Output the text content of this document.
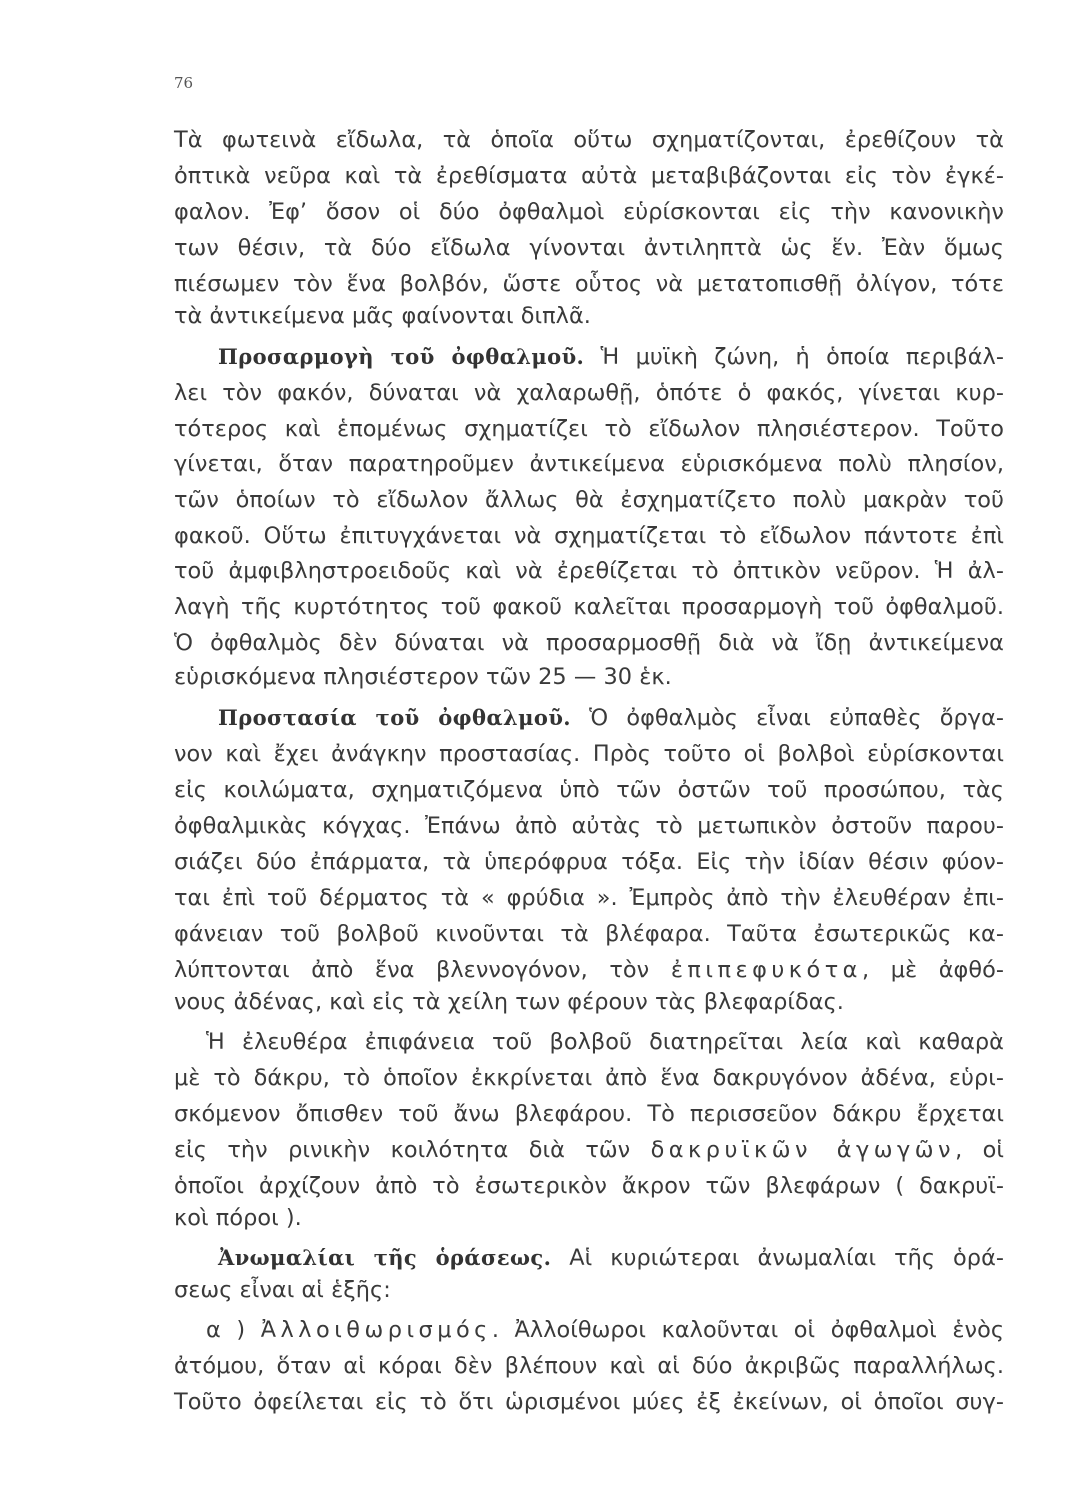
76
Τὰ φωτεινὰ εἴδωλα, τὰ ὁποῖα οὕτω σχηματίζονται, ἐρεθίζουν τὰ
ὀπτικὰ νεῦρα καὶ τὰ ἐρεθίσματα αὐτὰ μεταβιβάζονται εἰς τὸν ἐγκέ-
φαλον. Ἐφ’ ὅσον οἱ δύο ὀφθαλμοὶ εὑρίσκονται εἰς τὴν κανονικὴν
των θέσιν, τὰ δύο εἴδωλα γίνονται ἀντιληπτὰ ὡς ἕν. Ἐὰν ὅμως
πιέσωμεν τὸν ἕνα βολβόν, ὥστε οὗτος νὰ μετατοπισθῇ ὀλίγον, τότε
τὰ ἀντικείμενα μᾶς φαίνονται διπλᾶ.
Προσαρμογὴ τοῦ ὀφθαλμοῦ. Ἡ μυϊκὴ ζώνη, ἡ ὁποία περιβάλ-
λει τὸν φακόν, δύναται νὰ χαλαρωθῇ, ὁπότε ὁ φακός, γίνεται κυρ-
τότερος καὶ ἑπομένως σχηματίζει τὸ εἴδωλον πλησιέστερον. Τοῦτο
γίνεται, ὅταν παρατηροῦμεν ἀντικείμενα εὑρισκόμενα πολὺ πλησίον,
τῶν ὁποίων τὸ εἴδωλον ἄλλως θὰ ἐσχηματίζετο πολὺ μακρὰν τοῦ
φακοῦ. Οὕτω ἐπιτυγχάνεται νὰ σχηματίζεται τὸ εἴδωλον πάντοτε ἐπὶ
τοῦ ἀμφιβληστροειδοῦς καὶ νὰ ἐρεθίζεται τὸ ὀπτικὸν νεῦρον. Ἡ ἀλ-
λαγὴ τῆς κυρτότητος τοῦ φακοῦ καλεῖται προσαρμογὴ τοῦ ὀφθαλμοῦ.
Ὁ ὀφθαλμὸς δὲν δύναται νὰ προσαρμοσθῇ διὰ νὰ ἴδῃ ἀντικείμενα
εὑρισκόμενα πλησιέστερον τῶν 25 — 30 ἑκ.
Προστασία τοῦ ὀφθαλμοῦ. Ὁ ὀφθαλμὸς εἶναι εὐπαθὲς ὄργα-
νον καὶ ἔχει ἀνάγκην προστασίας. Πρὸς τοῦτο οἱ βολβοὶ εὑρίσκονται
εἰς κοιλώματα, σχηματιζόμενα ὑπὸ τῶν ὀστῶν τοῦ προσώπου, τὰς
ὀφθαλμικὰς κόγχας. Ἐπάνω ἀπὸ αὐτὰς τὸ μετωπικὸν ὀστοῦν παρου-
σιάζει δύο ἐπάρματα, τὰ ὑπερόφρυα τόξα. Εἰς τὴν ἰδίαν θέσιν φύον-
ται ἐπὶ τοῦ δέρματος τὰ « φρύδια ». Ἐμπρὸς ἀπὸ τὴν ἐλευθέραν ἐπι-
φάνειαν τοῦ βολβοῦ κινοῦνται τὰ βλέφαρα. Ταῦτα ἐσωτερικῶς κα-
λύπτονται ἀπὸ ἕνα βλεννογόνον, τὸν ἐπιπεφυκότα, μὲ ἀφθό-
νους ἀδένας, καὶ εἰς τὰ χείλη των φέρουν τὰς βλεφαρίδας.
Ἡ ἐλευθέρα ἐπιφάνεια τοῦ βολβοῦ διατηρεῖται λεία καὶ καθαρὰ
μὲ τὸ δάκρυ, τὸ ὁποῖον ἐκκρίνεται ἀπὸ ἕνα δακρυγόνον ἀδένα, εὑρι-
σκόμενον ὄπισθεν τοῦ ἄνω βλεφάρου. Τὸ περισσεῦον δάκρυ ἔρχεται
εἰς τὴν ρινικὴν κοιλότητα διὰ τῶν δακρυϊκῶν ἀγωγῶν, οἱ
ὁποῖοι ἀρχίζουν ἀπὸ τὸ ἐσωτερικὸν ἄκρον τῶν βλεφάρων ( δακρυϊ-
κοὶ πόροι ).
Ἀνωμαλίαι τῆς ὁράσεως. Αἱ κυριώτεραι ἀνωμαλίαι τῆς ὁρά-
σεως εἶναι αἱ ἑξῆς:
α ) Ἀλλοιθωρισμός. Ἀλλοίθωροι καλοῦνται οἱ ὀφθαλμοὶ ἑνὸς
ἀτόμου, ὅταν αἱ κόραι δὲν βλέπουν καὶ αἱ δύο ἀκριβῶς παραλλήλως.
Τοῦτο ὀφείλεται εἰς τὸ ὅτι ὡρισμένοι μύες ἐξ ἐκείνων, οἱ ὁποῖοι συγ-
